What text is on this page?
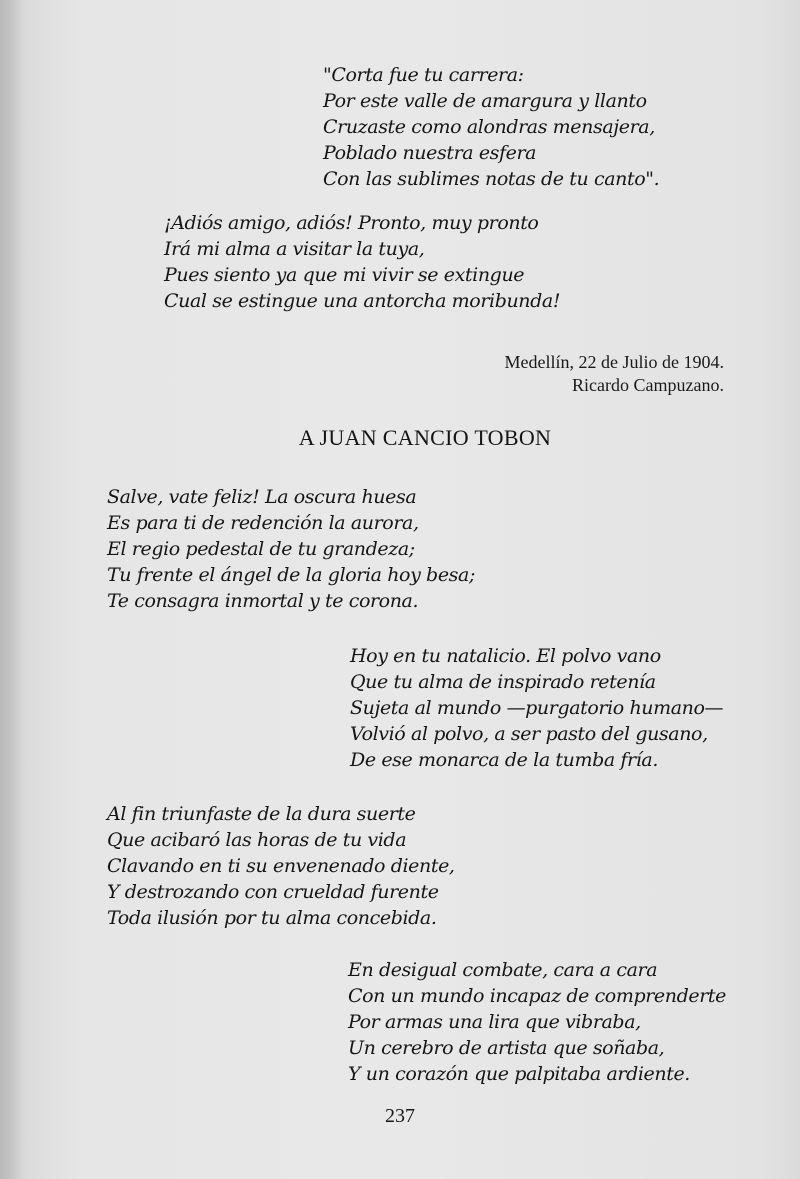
"Corta fue tu carrera:
Por este valle de amargura y llanto
Cruzaste como alondras mensajera,
Poblado nuestra esfera
Con las sublimes notas de tu canto".
¡Adiós amigo, adiós! Pronto, muy pronto
Irá mi alma a visitar la tuya,
Pues siento ya que mi vivir se extingue
Cual se estingue una antorcha moribunda!
Medellín, 22 de Julio de 1904.
Ricardo Campuzano.
A JUAN CANCIO TOBON
Salve, vate feliz! La oscura huesa
Es para ti de redención la aurora,
El regio pedestal de tu grandeza;
Tu frente el ángel de la gloria hoy besa;
Te consagra inmortal y te corona.
Hoy en tu natalicio. El polvo vano
Que tu alma de inspirado retenía
Sujeta al mundo —purgatorio humano—
Volvió al polvo, a ser pasto del gusano,
De ese monarca de la tumba fría.
Al fin triunfaste de la dura suerte
Que acibaró las horas de tu vida
Clavando en ti su envenenado diente,
Y destrozando con crueldad furente
Toda ilusión por tu alma concebida.
En desigual combate, cara a cara
Con un mundo incapaz de comprenderte
Por armas una lira que vibraba,
Un cerebro de artista que soñaba,
Y un corazón que palpitaba ardiente.
237
